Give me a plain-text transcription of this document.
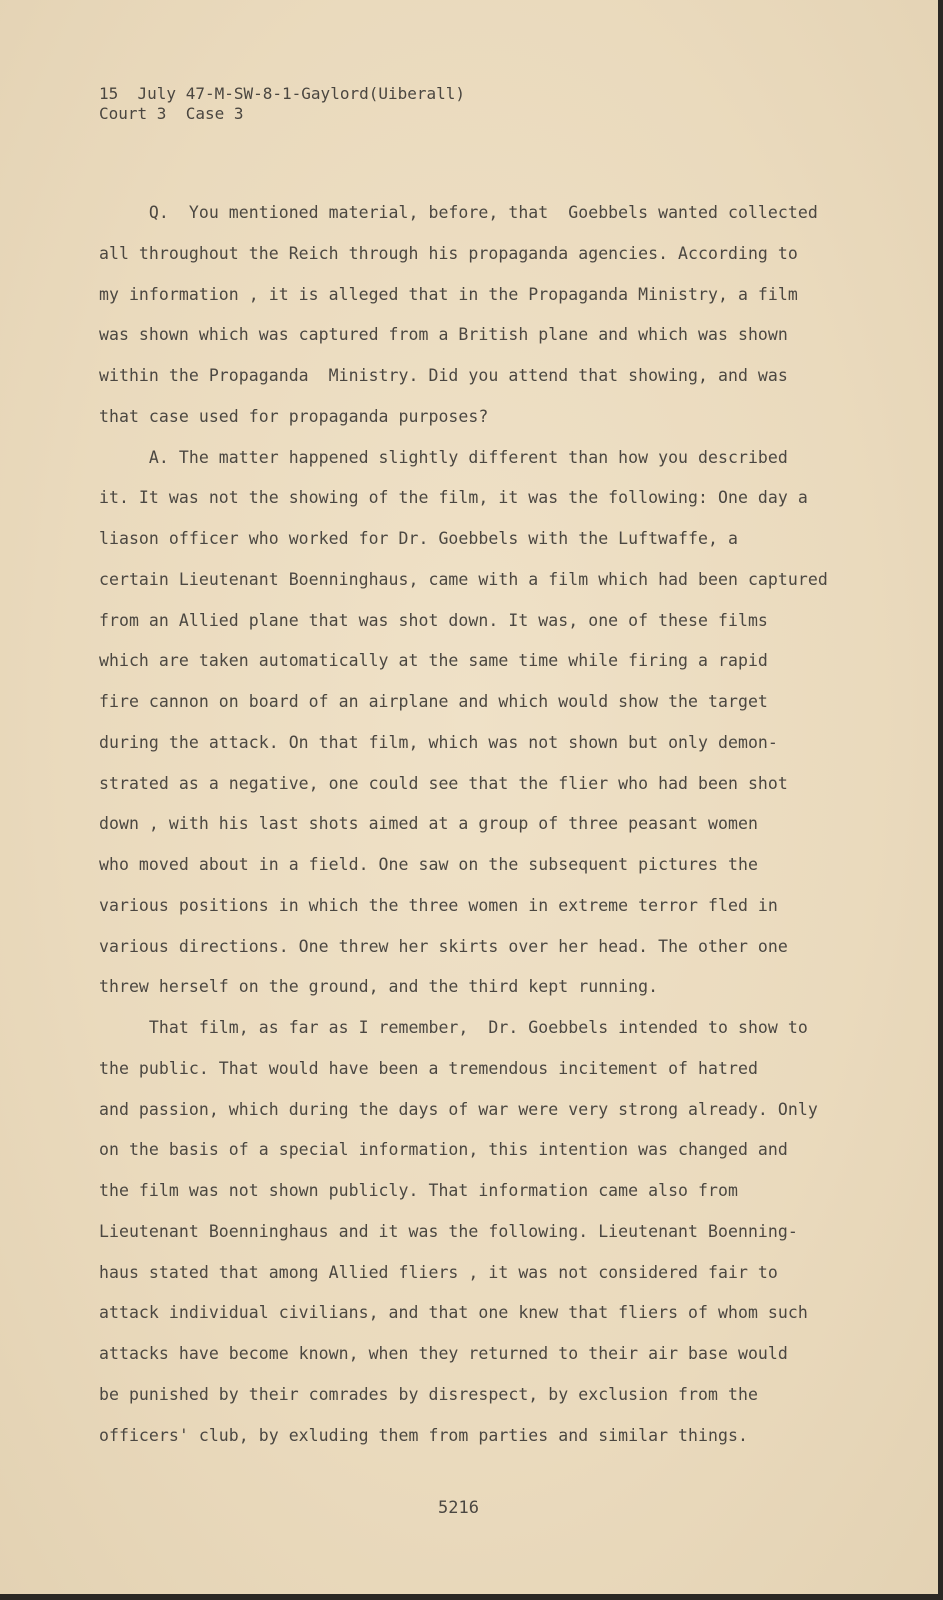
15  July 47-M-SW-8-1-Gaylord(Uiberall)
Court 3  Case 3
Q.  You mentioned material, before, that  Goebbels wanted collected
all throughout the Reich through his propaganda agencies. According to
my information , it is alleged that in the Propaganda Ministry, a film
was shown which was captured from a British plane and which was shown
within the Propaganda  Ministry. Did you attend that showing, and was
that case used for propaganda purposes?
A. The matter happened slightly different than how you described
it. It was not the showing of the film, it was the following: One day a
liason officer who worked for Dr. Goebbels with the Luftwaffe, a
certain Lieutenant Boenninghaus, came with a film which had been captured
from an Allied plane that was shot down. It was, one of these films
which are taken automatically at the same time while firing a rapid
fire cannon on board of an airplane and which would show the target
during the attack. On that film, which was not shown but only demon-
strated as a negative, one could see that the flier who had been shot
down , with his last shots aimed at a group of three peasant women
who moved about in a field. One saw on the subsequent pictures the
various positions in which the three women in extreme terror fled in
various directions. One threw her skirts over her head. The other one
threw herself on the ground, and the third kept running.
That film, as far as I remember,  Dr. Goebbels intended to show to
the public. That would have been a tremendous incitement of hatred
and passion, which during the days of war were very strong already. Only
on the basis of a special information, this intention was changed and
the film was not shown publicly. That information came also from
Lieutenant Boenninghaus and it was the following. Lieutenant Boenning-
haus stated that among Allied fliers , it was not considered fair to
attack individual civilians, and that one knew that fliers of whom such
attacks have become known, when they returned to their air base would
be punished by their comrades by disrespect, by exclusion from the
officers' club, by exluding them from parties and similar things.
5216
